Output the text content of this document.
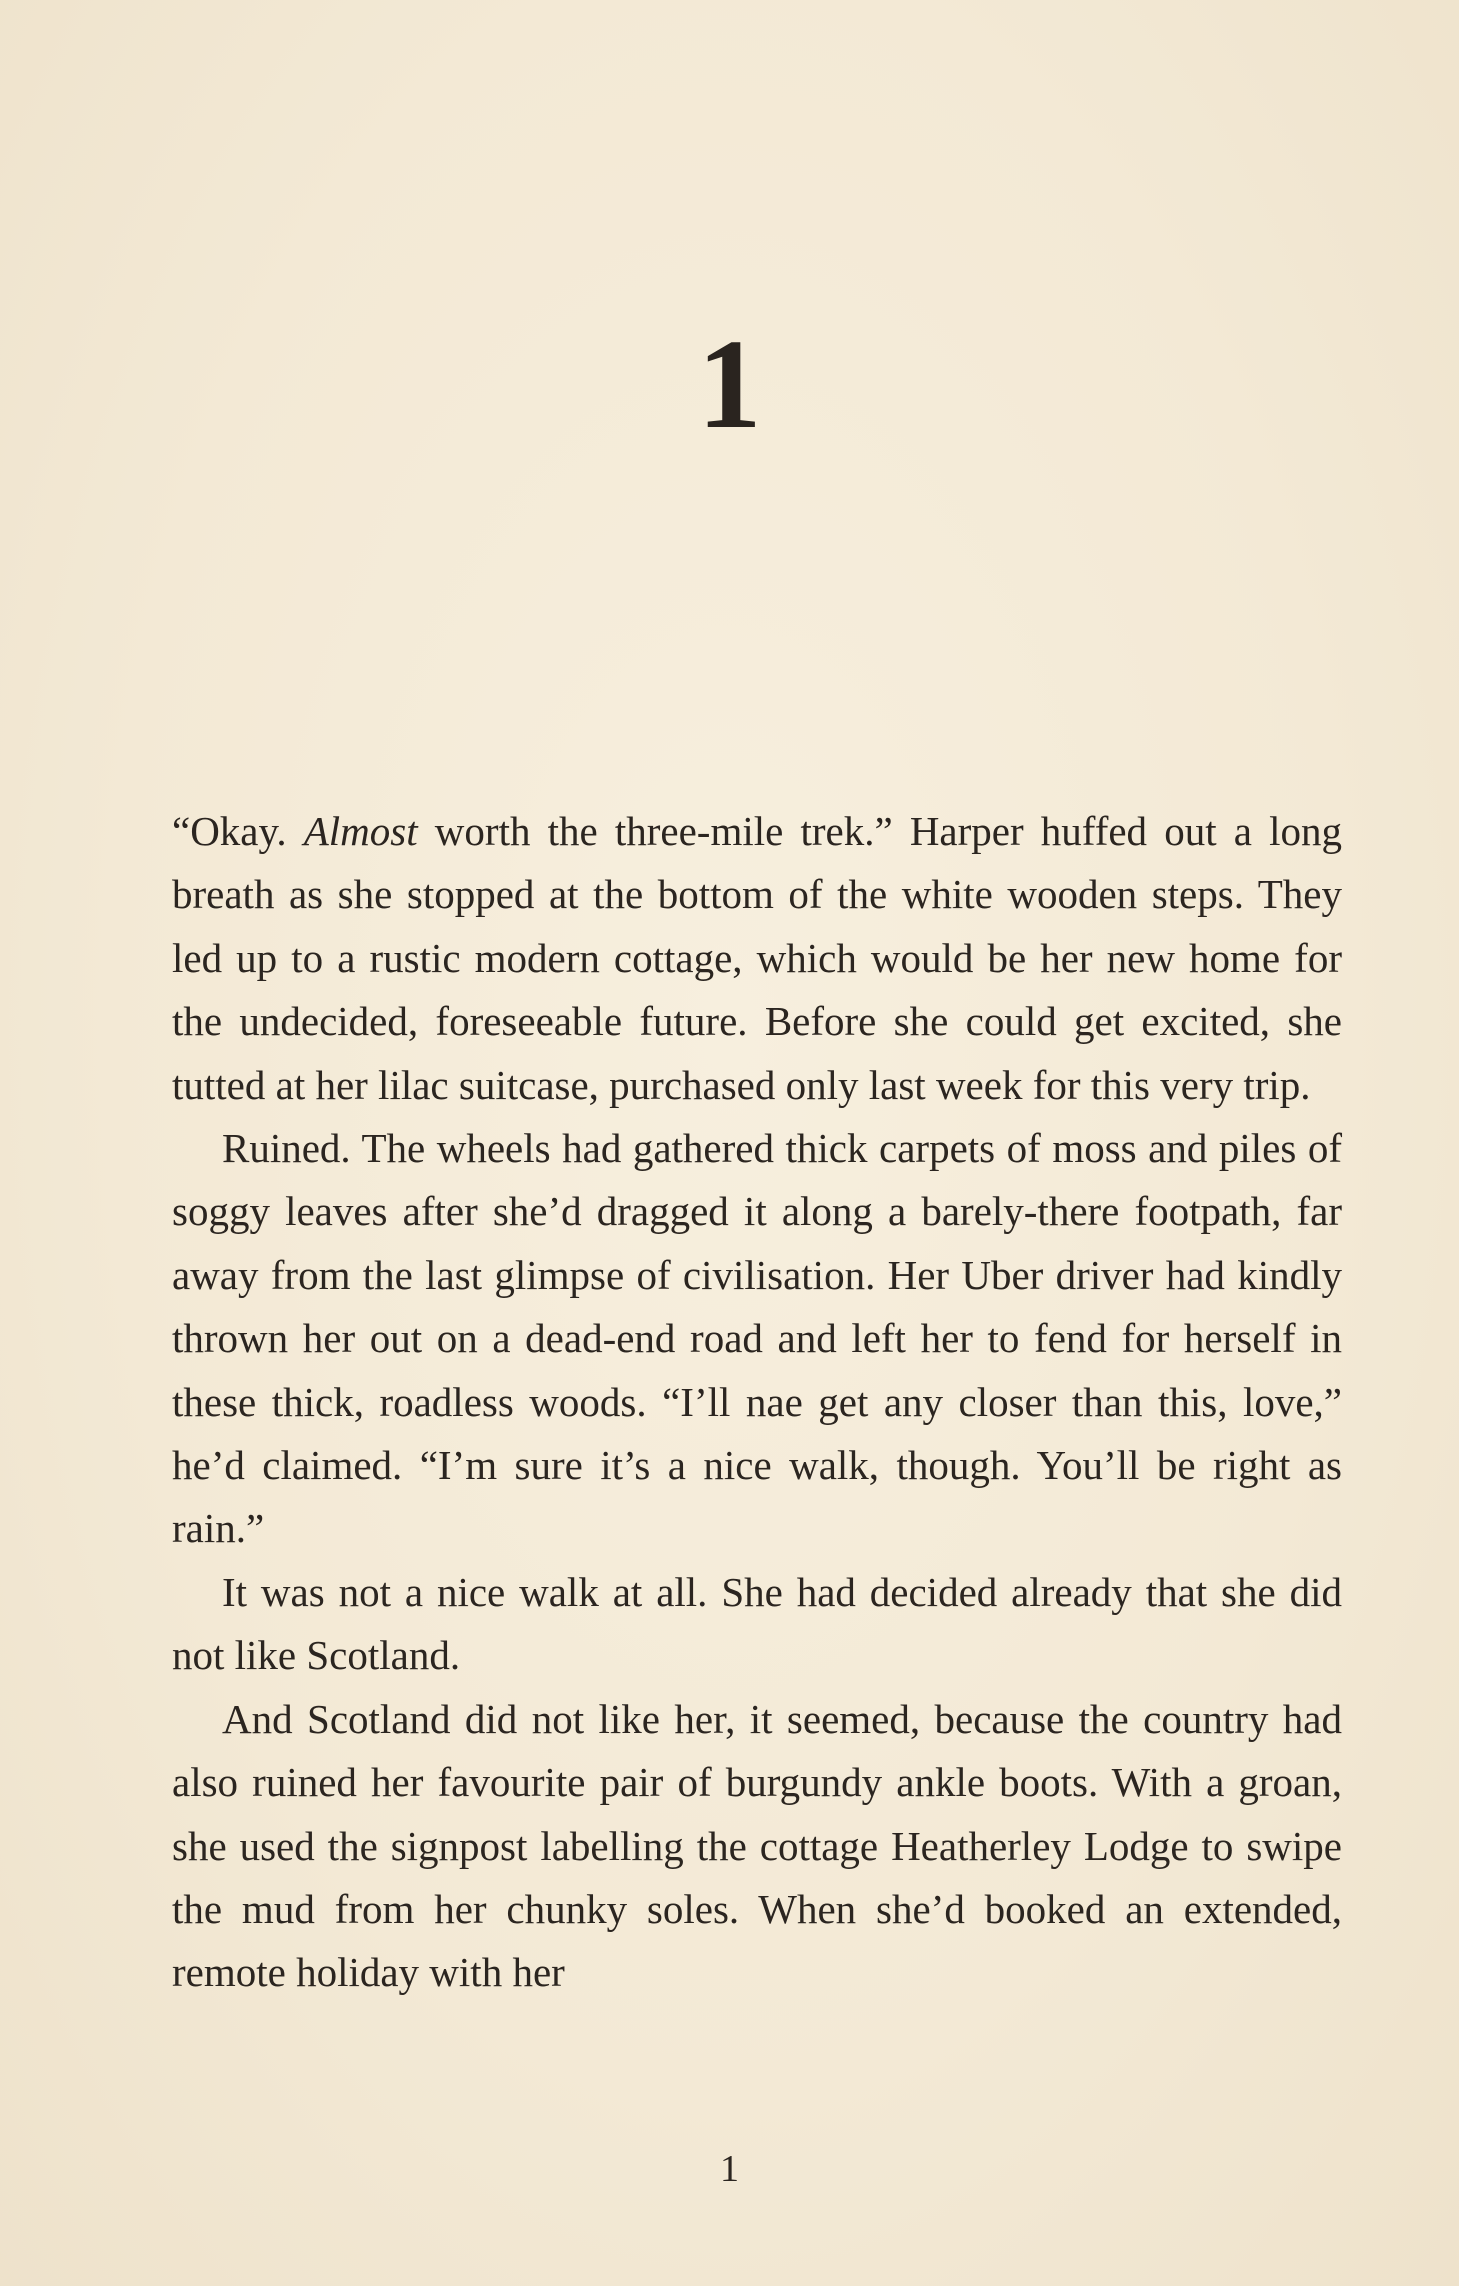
1

“Okay. Almost worth the three-mile trek.” Harper huffed out a long breath as she stopped at the bottom of the white wooden steps. They led up to a rustic modern cottage, which would be her new home for the undecided, foreseeable future. Before she could get excited, she tutted at her lilac suitcase, purchased only last week for this very trip.

Ruined. The wheels had gathered thick carpets of moss and piles of soggy leaves after she’d dragged it along a barely-there footpath, far away from the last glimpse of civilisation. Her Uber driver had kindly thrown her out on a dead-end road and left her to fend for herself in these thick, roadless woods. “I’ll nae get any closer than this, love,” he’d claimed. “I’m sure it’s a nice walk, though. You’ll be right as rain.”

It was not a nice walk at all. She had decided already that she did not like Scotland.

And Scotland did not like her, it seemed, because the country had also ruined her favourite pair of burgundy ankle boots. With a groan, she used the signpost labelling the cottage Heatherley Lodge to swipe the mud from her chunky soles. When she’d booked an extended, remote holiday with her

1
